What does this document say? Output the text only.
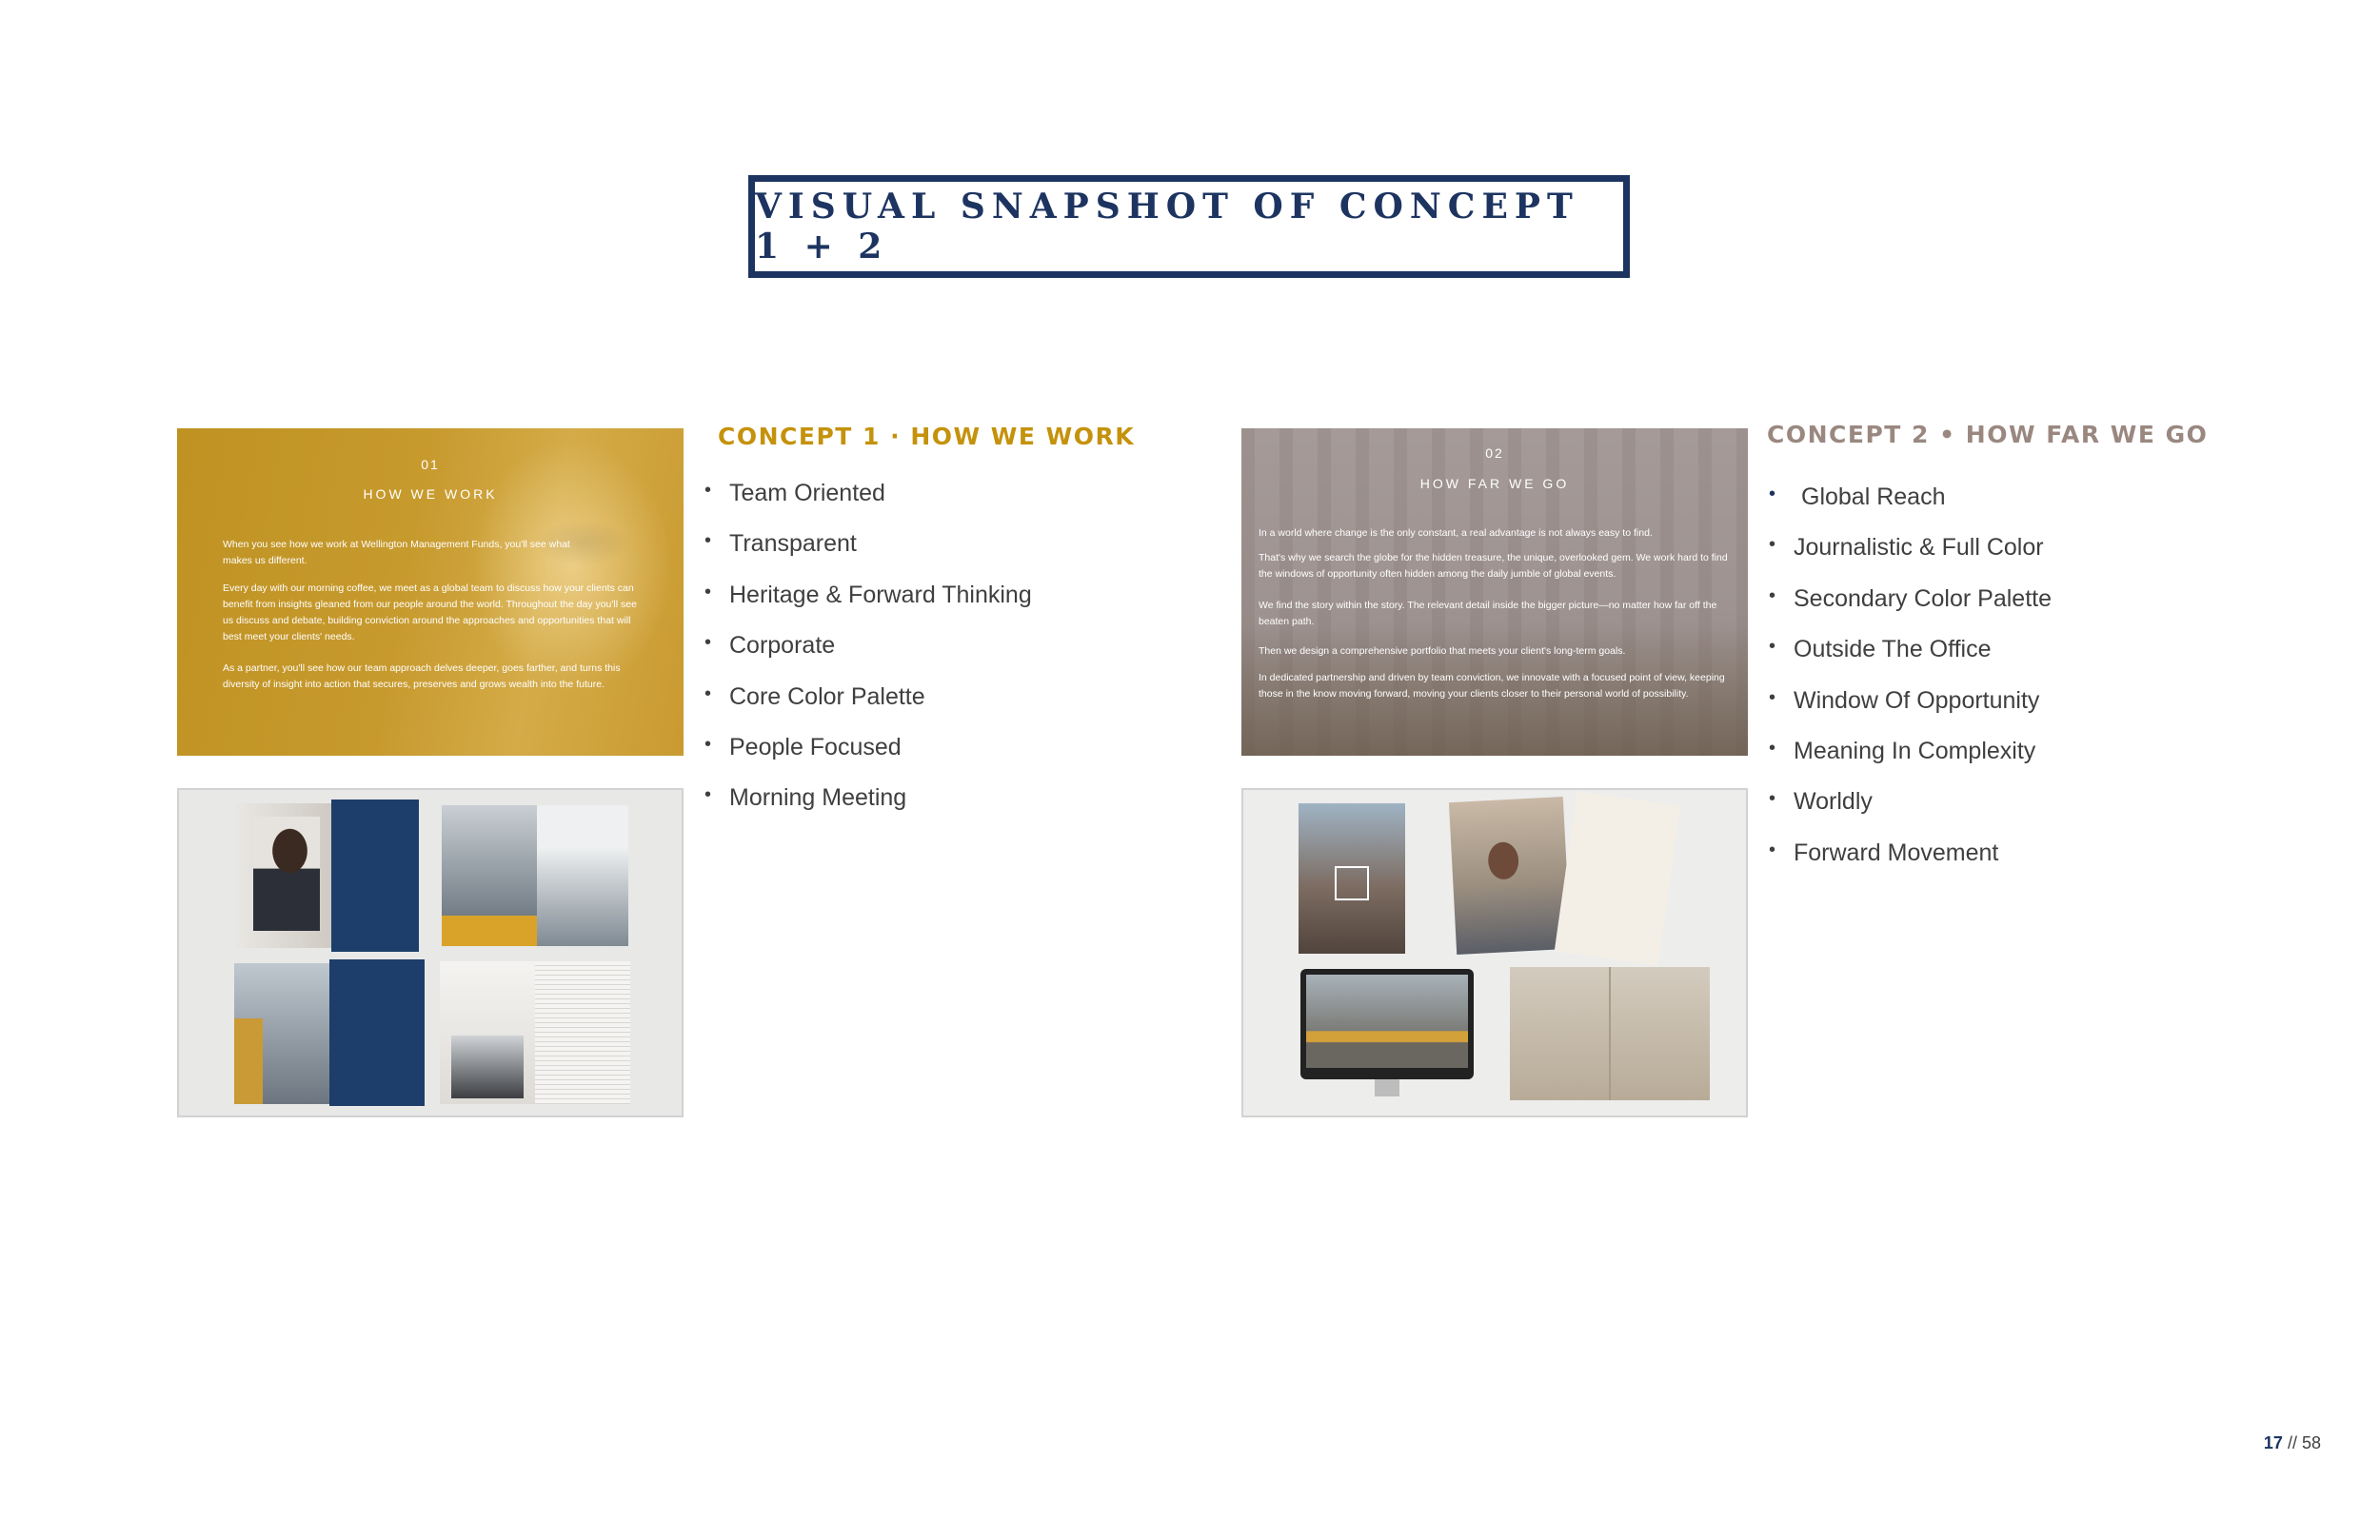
VISUAL SNAPSHOT OF CONCEPT 1 + 2
01
HOW WE WORK

When you see how we work at Wellington Management Funds, you'll see what makes us different.

Every day with our morning coffee, we meet as a global team to discuss how your clients can benefit from insights gleaned from our people around the world. Throughout the day you'll see us discuss and debate, building conviction around the approaches and opportunities that will best meet your clients' needs.

As a partner, you'll see how our team approach delves deeper, goes farther, and turns this diversity of insight into action that secures, preserves and grows wealth into the future.

02
HOW FAR WE GO

In a world where change is the only constant, a real advantage is not always easy to find.

That's why we search the globe for the hidden treasure, the unique, overlooked gem. We work hard to find the windows of opportunity often hidden among the daily jumble of global events.

We find the story within the story. The relevant detail inside the bigger picture—no matter how far off the beaten path.

Then we design a comprehensive portfolio that meets your client's long-term goals.

In dedicated partnership and driven by team conviction, we innovate with a focused point of view, keeping those in the know moving forward, moving your clients closer to their personal world of possibility.

CONCEPT 1 · HOW WE WORK
• Team Oriented
• Transparent
• Heritage & Forward Thinking
• Corporate
• Core Color Palette
• People Focused
• Morning Meeting
CONCEPT 2 • HOW FAR WE GO
• Global Reach
• Journalistic & Full Color
• Secondary Color Palette
• Outside The Office
• Window Of Opportunity
• Meaning In Complexity
• Worldly
• Forward Movement
17 // 58
